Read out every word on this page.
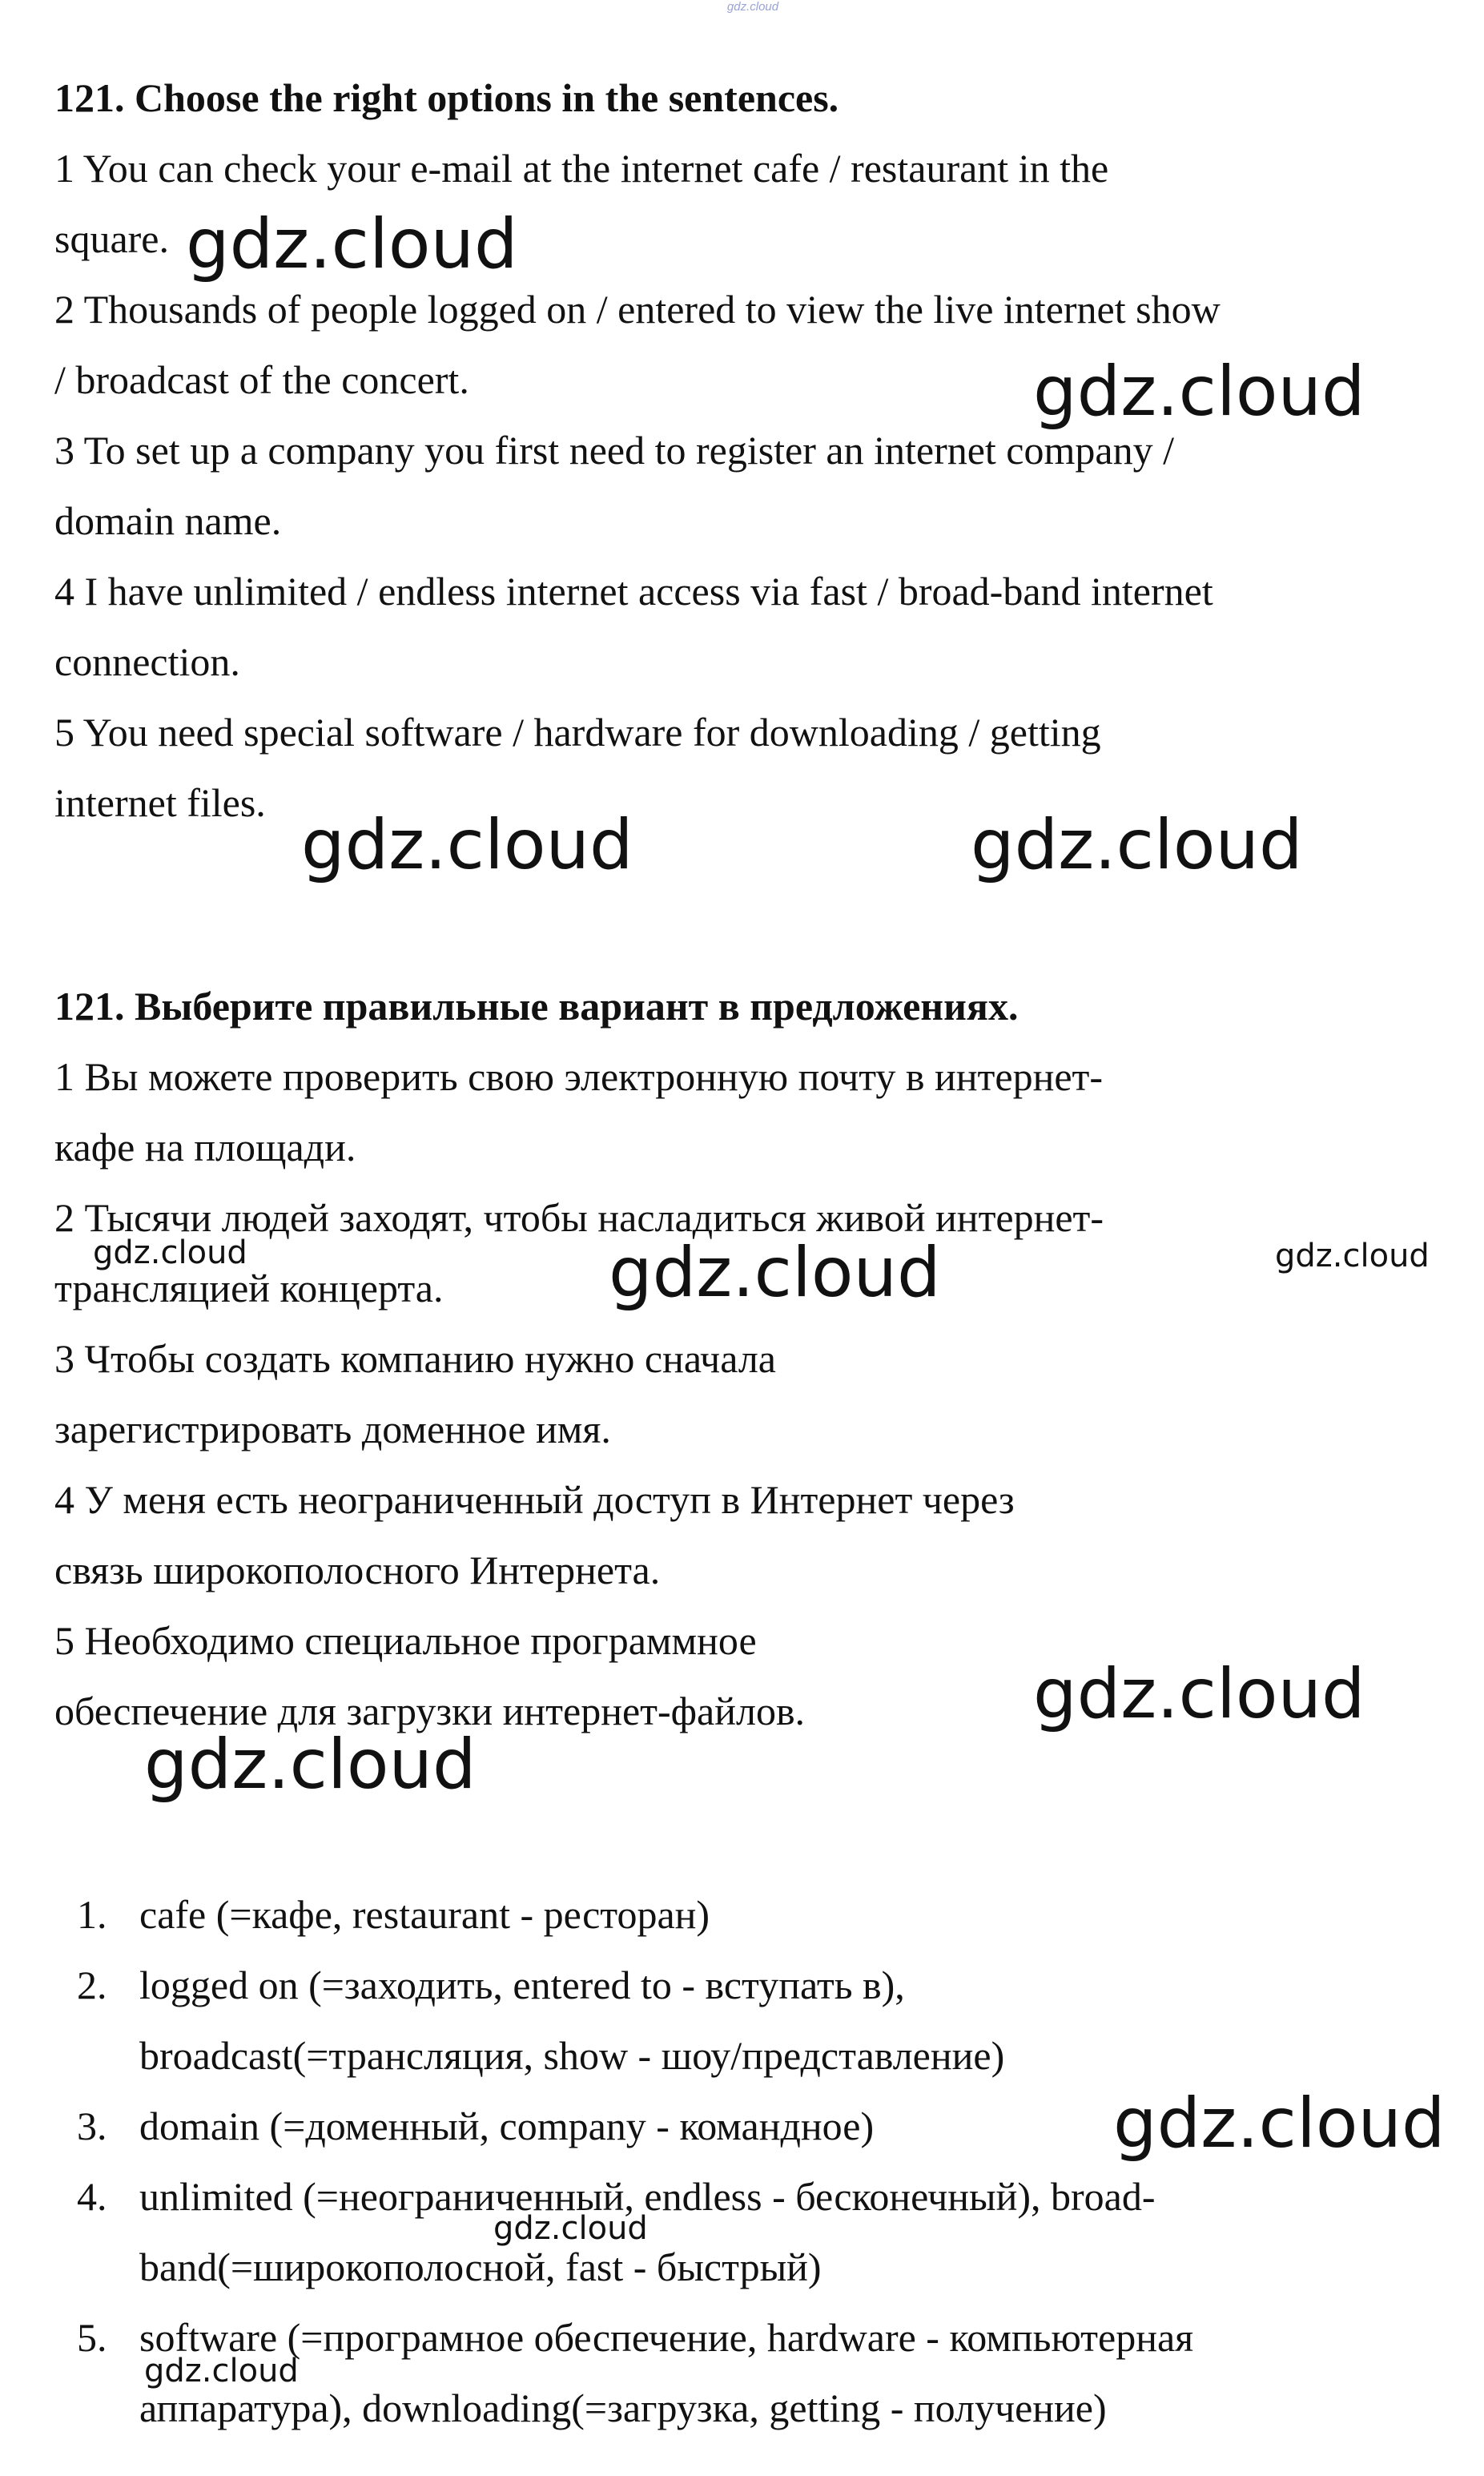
gdz.cloud

121. Choose the right options in the sentences.

1 You can check your e-mail at the internet cafe / restaurant in the

square.

2 Thousands of people logged on / entered to view the live internet show

/ broadcast of the concert.

3 To set up a company you first need to register an internet company /

domain name.

4 I have unlimited / endless internet access via fast / broad-band internet

connection.

5 You need special software / hardware for downloading / getting

internet files.

121. Выберите правильные вариант в предложениях.

1 Вы можете проверить свою электронную почту в интернет-

кафе на площади.

2 Тысячи людей заходят, чтобы насладиться живой интернет-

трансляцией концерта.

3 Чтобы создать компанию нужно сначала

зарегистрировать доменное имя.

4 У меня есть неограниченный доступ в Интернет через

связь широкополосного Интернета.

5 Необходимо специальное программное

обеспечение для загрузки интернет-файлов.

1. cafe (=кафе, restaurant - ресторан)
2. logged on (=заходить, entered to - вступать в),
broadcast(=трансляция, show - шоу/представление)
3. domain (=доменный, company - командное)
4. unlimited (=неограниченный, endless - бесконечный), broad-
band(=широкополосной, fast - быстрый)
5. software (=програмное обеспечение, hardware - компьютерная
аппаратура), downloading(=загрузка, getting - получение)
gdz.cloud
gdz.cloud
gdz.cloud	gdz.cloud
gdz.cloud	gdz.cloud	gdz.cloud
gdz.cloud
gdz.cloud
gdz.cloud
gdz.cloud
gdz.cloud
